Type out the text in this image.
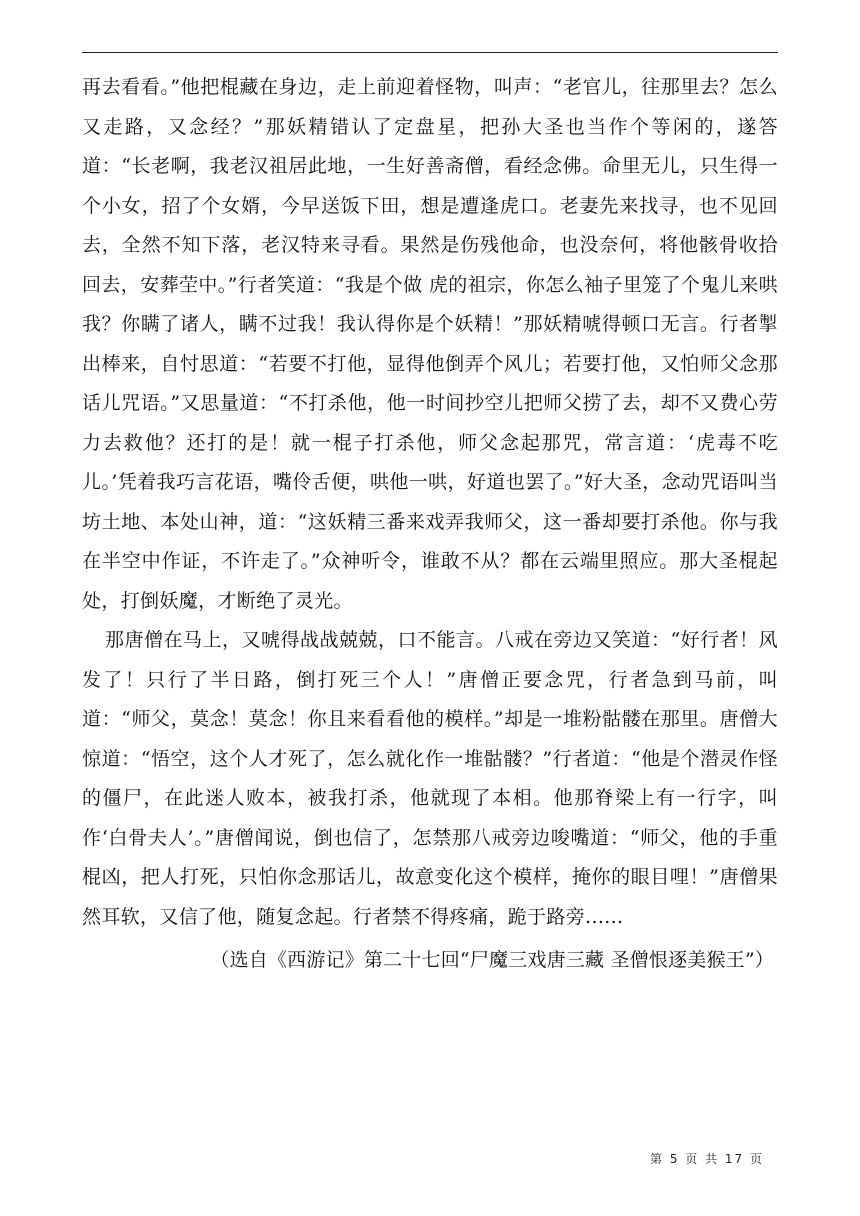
再去看看。”他把棍藏在身边，走上前迎着怪物，叫声：“老官儿，往那里去？怎么又走路，又念经？”那妖精错认了定盘星，把孙大圣也当作个等闲的，遂答道：“长老啊，我老汉祖居此地，一生好善斋僧，看经念佛。命里无儿，只生得一个小女，招了个女婿，今早送饭下田，想是遭逢虎口。老妻先来找寻，也不见回去，全然不知下落，老汉特来寻看。果然是伤残他命，也没奈何，将他骸骨收拾回去，安葬茔中。”行者笑道：“我是个做 虎的祖宗，你怎么袖子里笼了个鬼儿来哄我？你瞒了诸人，瞒不过我！我认得你是个妖精！”那妖精唬得顿口无言。行者掣出棒来，自忖思道：“若要不打他，显得他倒弄个风儿；若要打他，又怕师父念那话儿咒语。”又思量道：“不打杀他，他一时间抄空儿把师父捞了去，却不又费心劳力去救他？还打的是！就一棍子打杀他，师父念起那咒，常言道：‘虎毒不吃儿。’凭着我巧言花语，嘴伶舌便，哄他一哄，好道也罢了。”好大圣，念动咒语叫当坊土地、本处山神，道：“这妖精三番来戏弄我师父，这一番却要打杀他。你与我在半空中作证，不许走了。”众神听令，谁敢不从？都在云端里照应。那大圣棍起处，打倒妖魔，才断绝了灵光。

那唐僧在马上，又唬得战战兢兢，口不能言。八戒在旁边又笑道：“好行者！风发了！只行了半日路，倒打死三个人！”唐僧正要念咒，行者急到马前，叫道：“师父，莫念！莫念！你且来看看他的模样。”却是一堆粉骷髅在那里。唐僧大惊道：“悟空，这个人才死了，怎么就化作一堆骷髅？”行者道：“他是个潜灵作怪的僵尸，在此迷人败本，被我打杀，他就现了本相。他那脊梁上有一行字，叫作‘白骨夫人’。”唐僧闻说，倒也信了，怎禁那八戒旁边唆嘴道：“师父，他的手重棍凶，把人打死，只怕你念那话儿，故意变化这个模样，掩你的眼目哩！”唐僧果然耳软，又信了他，随复念起。行者禁不得疼痛，跪于路旁......

（选自《西游记》第二十七回“尸魔三戏唐三藏 圣僧恨逐美猴王”）

第 5 页 共 17 页
